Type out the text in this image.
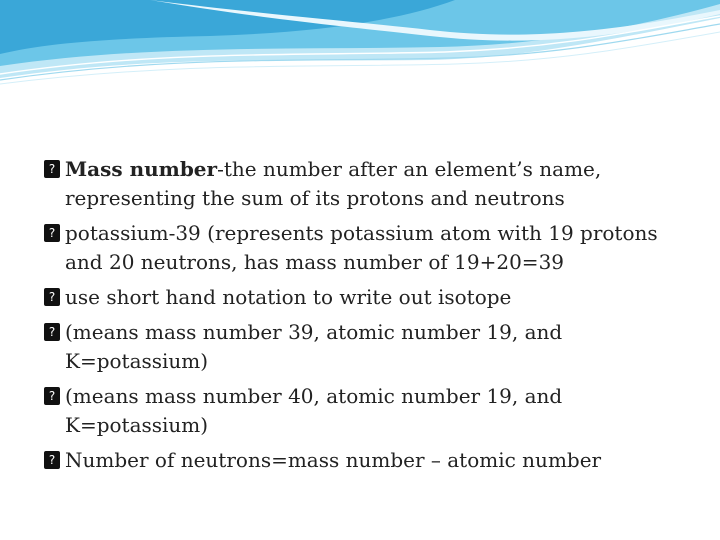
? Mass number-the number after an element’s name, representing the sum of its protons and neutrons
? potassium-39 (represents potassium atom with 19 protons and 20 neutrons, has mass number of 19+20=39
? use short hand notation to write out isotope
? (means mass number 39, atomic number 19, and K=potassium)
? (means mass number 40, atomic number 19, and K=potassium)
? Number of neutrons=mass number – atomic number
